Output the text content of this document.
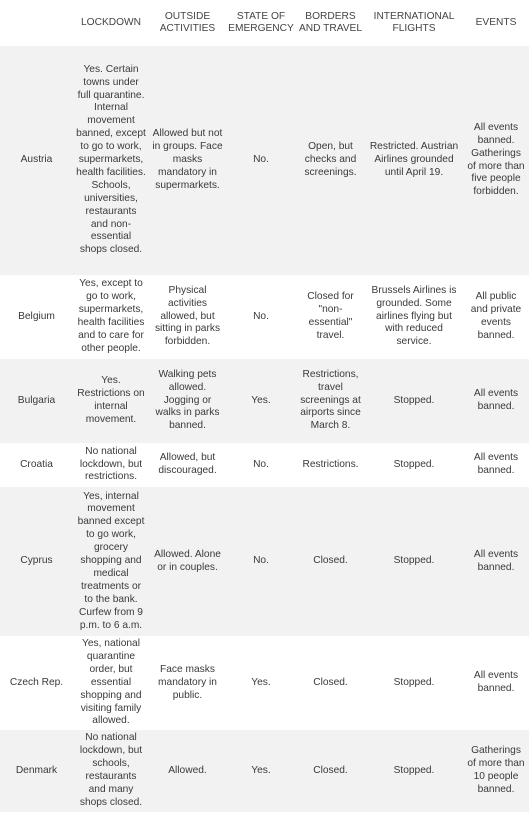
	LOCKDOWN	OUTSIDE ACTIVITIES	STATE OF EMERGENCY	BORDERS AND TRAVEL	INTERNATIONAL FLIGHTS	EVENTS
Austria	Yes. Certain towns under full quarantine. Internal movement banned, except to go to work, supermarkets, health facilities. Schools, universities, restaurants and non-essential shops closed.	Allowed but not in groups. Face masks mandatory in supermarkets.	No.	Open, but checks and screenings.	Restricted. Austrian Airlines grounded until April 19.	All events banned. Gatherings of more than five people forbidden.
Belgium	Yes, except to go to work, supermarkets, health facilities and to care for other people.	Physical activities allowed, but sitting in parks forbidden.	No.	Closed for "non-essential" travel.	Brussels Airlines is grounded. Some airlines flying but with reduced service.	All public and private events banned.
Bulgaria	Yes. Restrictions on internal movement.	Walking pets allowed. Jogging or walks in parks banned.	Yes.	Restrictions, travel screenings at airports since March 8.	Stopped.	All events banned.
Croatia	No national lockdown, but restrictions.	Allowed, but discouraged.	No.	Restrictions.	Stopped.	All events banned.
Cyprus	Yes, internal movement banned except to go work, grocery shopping and medical treatments or to the bank. Curfew from 9 p.m. to 6 a.m.	Allowed. Alone or in couples.	No.	Closed.	Stopped.	All events banned.
Czech Rep.	Yes, national quarantine order, but essential shopping and visiting family allowed.	Face masks mandatory in public.	Yes.	Closed.	Stopped.	All events banned.
Denmark	No national lockdown, but schools, restaurants and many shops closed.	Allowed.	Yes.	Closed.	Stopped.	Gatherings of more than 10 people banned.
